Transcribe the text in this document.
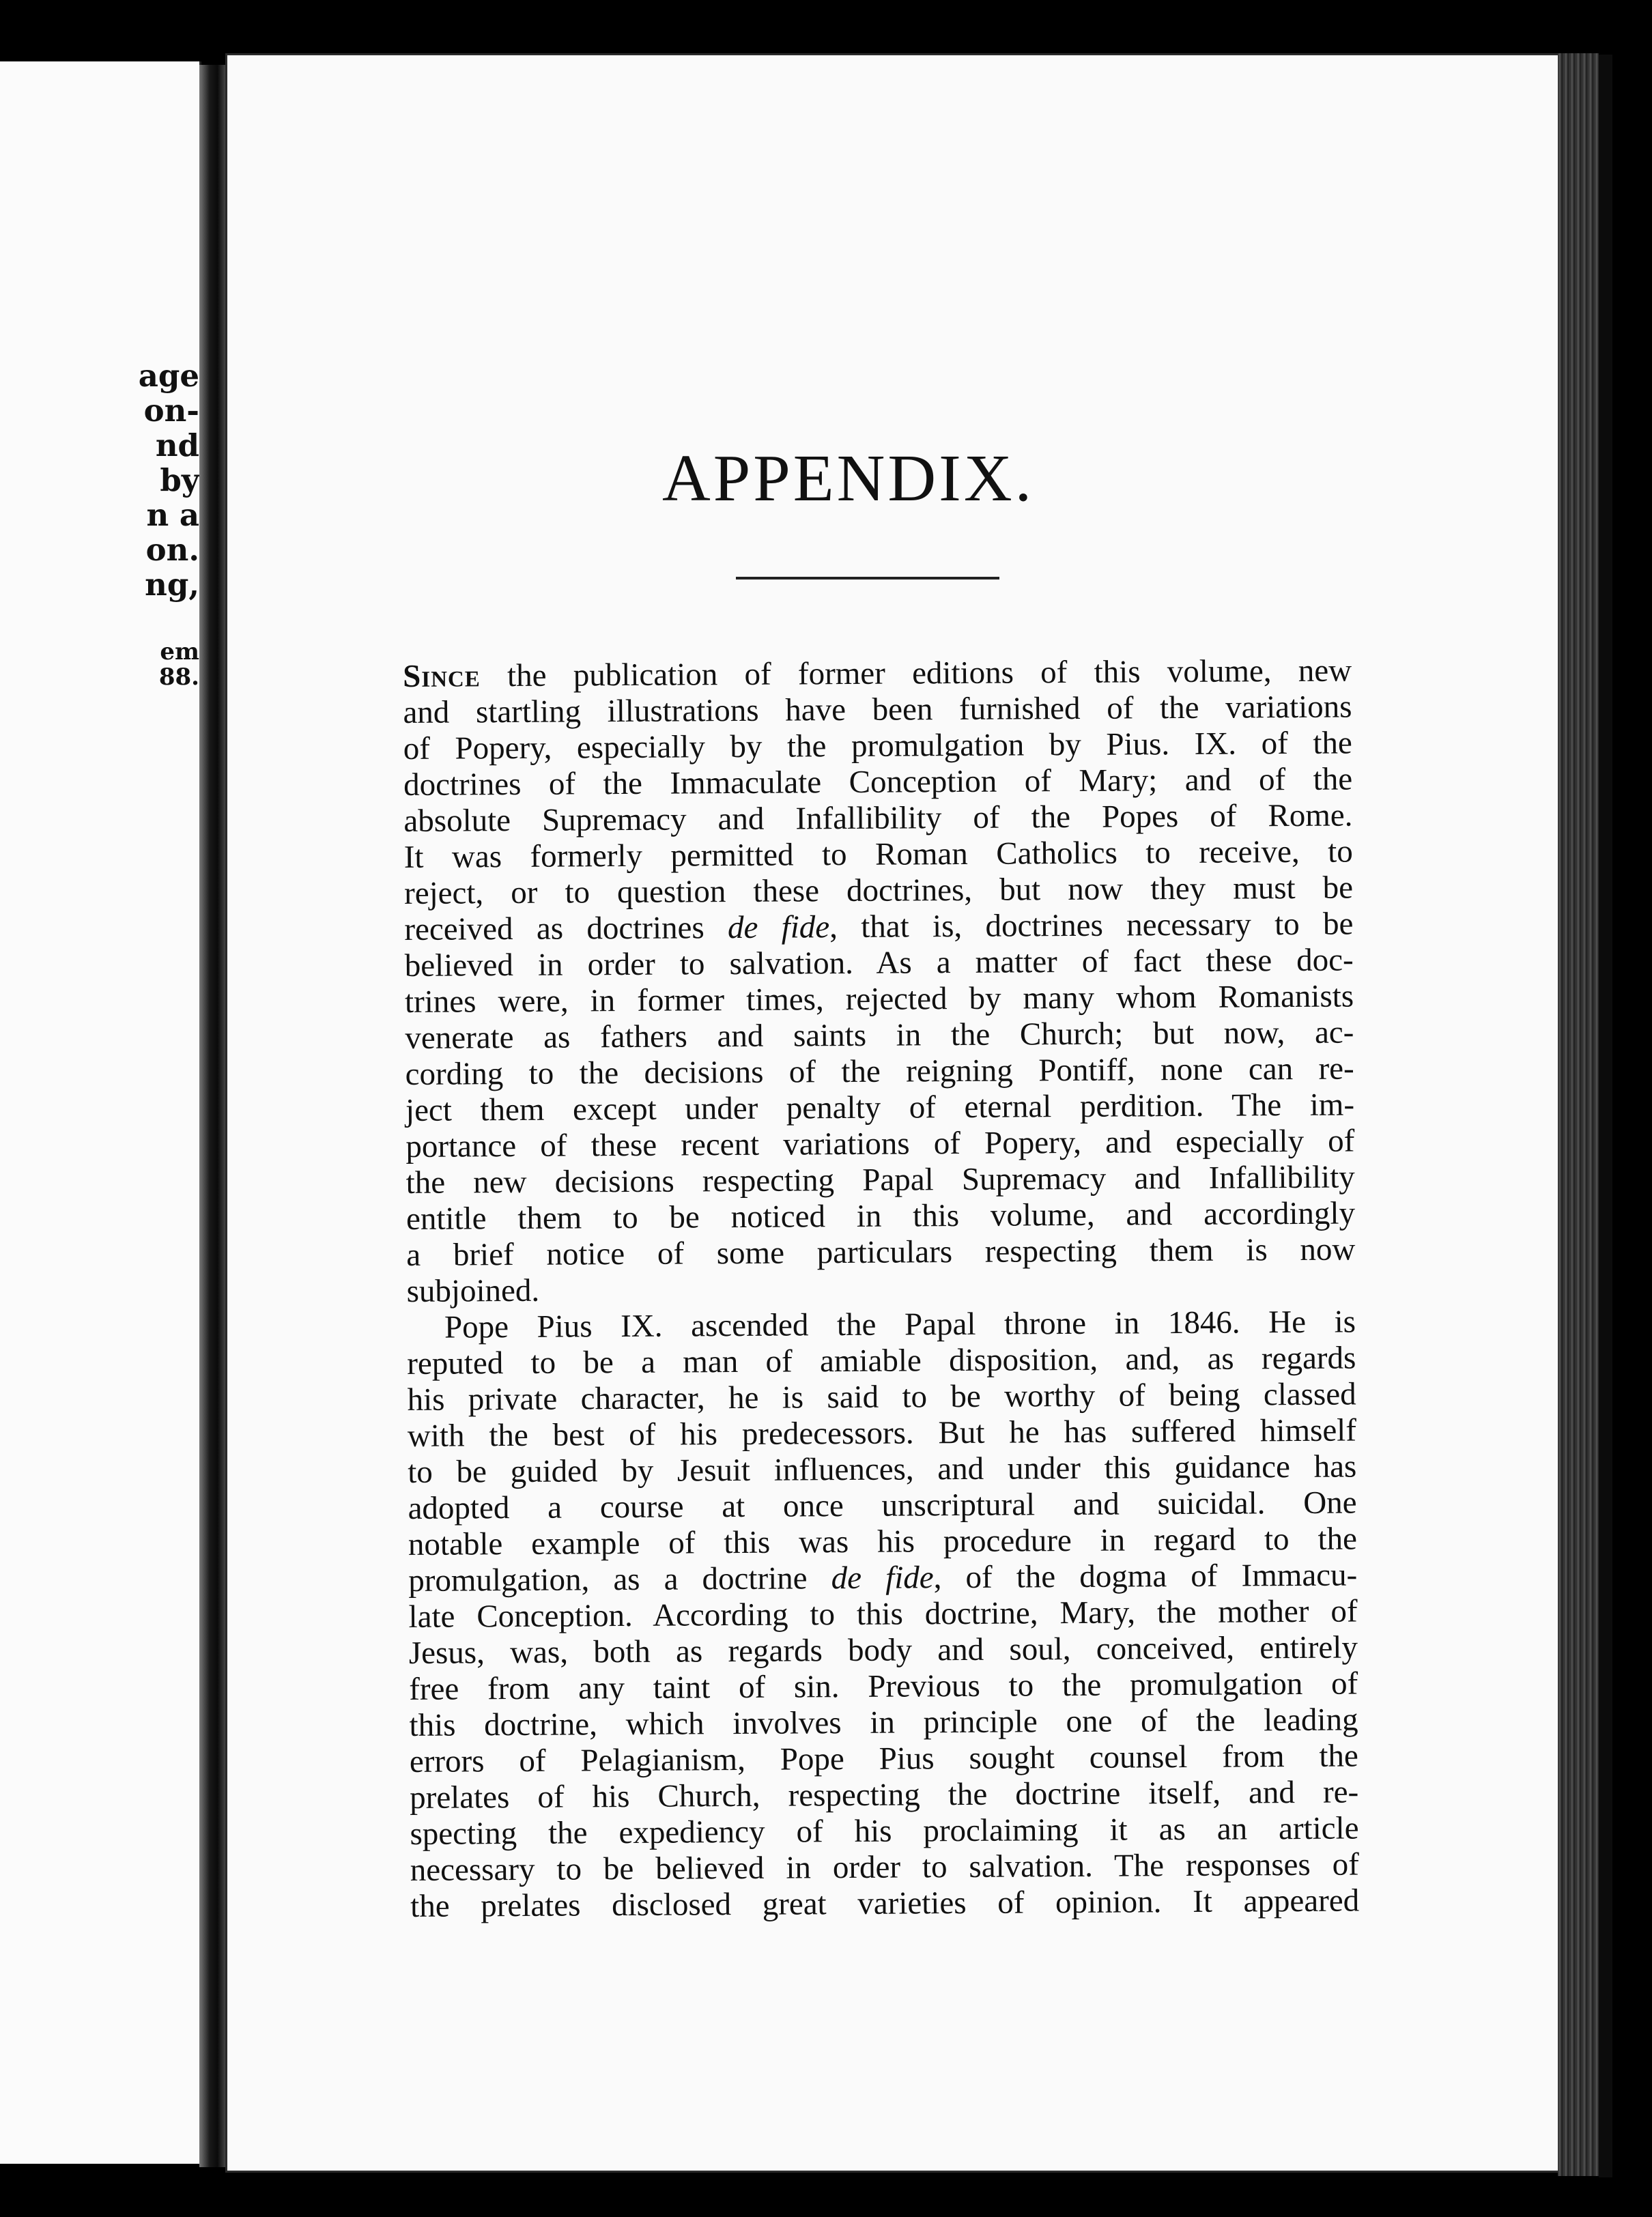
age
on-
nd
by
n a
on.
ng,
em
88.
APPENDIX.
Since the publication of former editions of this volume, new
and startling illustrations have been furnished of the variations
of Popery, especially by the promulgation by Pius. IX. of the
doctrines of the Immaculate Conception of Mary; and of the
absolute Supremacy and Infallibility of the Popes of Rome.
It was formerly permitted to Roman Catholics to receive, to
reject, or to question these doctrines, but now they must be
received as doctrines de fide, that is, doctrines necessary to be
believed in order to salvation. As a matter of fact these doc-
trines were, in former times, rejected by many whom Romanists
venerate as fathers and saints in the Church; but now, ac-
cording to the decisions of the reigning Pontiff, none can re-
ject them except under penalty of eternal perdition. The im-
portance of these recent variations of Popery, and especially of
the new decisions respecting Papal Supremacy and Infallibility
entitle them to be noticed in this volume, and accordingly
a brief notice of some particulars respecting them is now
subjoined.
Pope Pius IX. ascended the Papal throne in 1846. He is
reputed to be a man of amiable disposition, and, as regards
his private character, he is said to be worthy of being classed
with the best of his predecessors. But he has suffered himself
to be guided by Jesuit influences, and under this guidance has
adopted a course at once unscriptural and suicidal. One
notable example of this was his procedure in regard to the
promulgation, as a doctrine de fide, of the dogma of Immacu-
late Conception. According to this doctrine, Mary, the mother of
Jesus, was, both as regards body and soul, conceived, entirely
free from any taint of sin. Previous to the promulgation of
this doctrine, which involves in principle one of the leading
errors of Pelagianism, Pope Pius sought counsel from the
prelates of his Church, respecting the doctrine itself, and re-
specting the expediency of his proclaiming it as an article
necessary to be believed in order to salvation. The responses of
the prelates disclosed great varieties of opinion. It appeared
